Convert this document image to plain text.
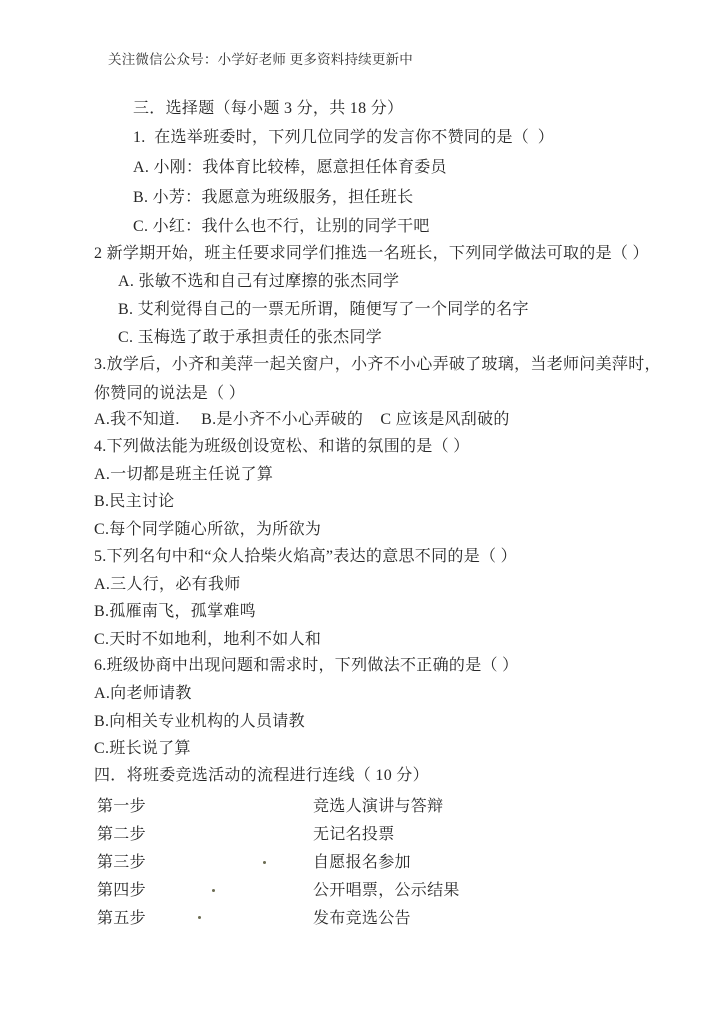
关注微信公众号：小学好老师 更多资料持续更新中
三．选择题（每小题 3 分，共 18 分）
1.  在选举班委时，下列几位同学的发言你不赞同的是（  ）
A. 小刚：我体育比较棒，愿意担任体育委员
B. 小芳：我愿意为班级服务，担任班长
C. 小红：我什么也不行，让别的同学干吧
2 新学期开始，班主任要求同学们推选一名班长，下列同学做法可取的是（ ）
A. 张敏不选和自己有过摩擦的张杰同学
B. 艾利觉得自己的一票无所谓，随便写了一个同学的名字
C. 玉梅选了敢于承担责任的张杰同学
3.放学后，小齐和美萍一起关窗户，小齐不小心弄破了玻璃，当老师问美萍时，
你赞同的说法是（ ）
A.我不知道.     B.是小齐不小心弄破的    C 应该是风刮破的
4.下列做法能为班级创设宽松、和谐的氛围的是（ ）
A.一切都是班主任说了算
B.民主讨论
C.每个同学随心所欲，为所欲为
5.下列名句中和“众人拾柴火焰高”表达的意思不同的是（ ）
A.三人行，必有我师
B.孤雁南飞，孤掌难鸣
C.天时不如地利，地利不如人和
6.班级协商中出现问题和需求时，下列做法不正确的是（ ）
A.向老师请教
B.向相关专业机构的人员请教
C.班长说了算
四．将班委竞选活动的流程进行连线（ 10 分）
第一步
第二步
第三步
第四步
第五步
竞选人演讲与答辩
无记名投票
自愿报名参加
公开唱票，公示结果
发布竞选公告
